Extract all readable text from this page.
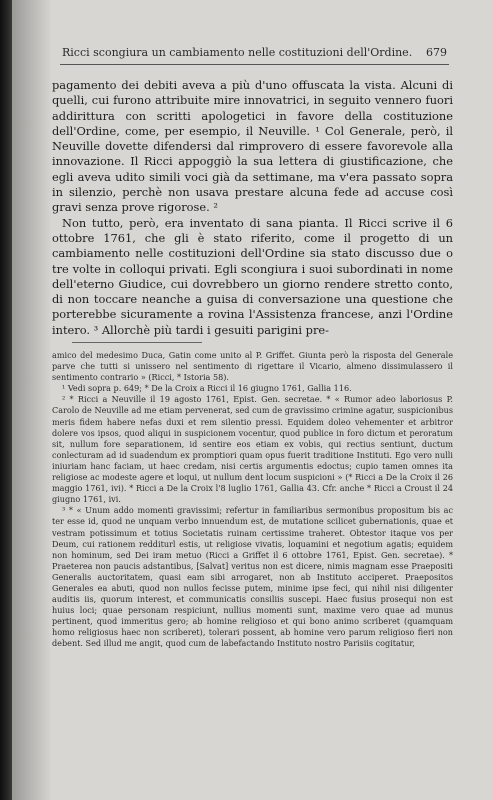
Ricci scongiura un cambiamento nelle costituzioni dell'Ordine. 679

pagamento dei debiti aveva a più d'uno offuscata la vista. Alcuni di quelli, cui furono attribuite mire innovatrici, in seguito vennero fuori addirittura con scritti apologetici in favore della costituzione dell'Ordine, come, per esempio, il Neuville. ¹ Col Generale, però, il Neuville dovette difendersi dal rimprovero di essere favorevole alla innovazione. Il Ricci appoggiò la sua lettera di giustificazione, che egli aveva udito simili voci già da settimane, ma v'era passato sopra in silenzio, perchè non usava prestare alcuna fede ad accuse così gravi senza prove rigorose. ²

Non tutto, però, era inventato di sana pianta. Il Ricci scrive il 6 ottobre 1761, che gli è stato riferito, come il progetto di un cambiamento nelle costituzioni dell'Ordine sia stato discusso due o tre volte in colloqui privati. Egli scongiura i suoi subordinati in nome dell'eterno Giudice, cui dovrebbero un giorno rendere stretto conto, di non toccare neanche a guisa di conversazione una questione che porterebbe sicuramente a rovina l'Assistenza francese, anzi l'Ordine intero. ³ Allorchè più tardi i gesuiti parigini pre-

amico del medesimo Duca, Gatin come unito al P. Griffet. Giunta però la risposta del Generale parve che tutti si unissero nel sentimento di rigettare il Vicario, almeno dissimulassero il sentimento contrario » (Ricci, * Istoria 58).

¹ Vedi sopra p. 649; * De la Croix a Ricci il 16 giugno 1761, Gallia 116.

² * Ricci a Neuville il 19 agosto 1761, Epist. Gen. secretae. * « Rumor adeo laboriosus P. Carolo de Neuville ad me etiam pervenerat, sed cum de gravissimo crimine agatur, suspicionibus meris fidem habere nefas duxi et rem silentio pressi. Equidem doleo vehementer et arbitror dolere vos ipsos, quod aliqui in suspicionem vocentur, quod publice in foro dictum et peroratum sit, nullum fore separationem, id sentire eos etiam ex vobis, qui rectius sentiunt, ductum conlecturam ad id suadendum ex promptiori quam opus fuerit traditione Instituti. Ego vero nulli iniuriam hanc faciam, ut haec credam, nisi certis argumentis edoctus; cupio tamen omnes ita religiose ac modeste agere et loqui, ut nullum dent locum suspicioni » (* Ricci a De la Croix il 26 maggio 1761, ivi). * Ricci a De la Croix l'8 luglio 1761, Gallia 43. Cfr. anche * Ricci a Croust il 24 giugno 1761, ivi.

³ * « Unum addo momenti gravissimi; refertur in familiaribus sermonibus propositum bis ac ter esse id, quod ne unquam verbo innuendum est, de mutatione scilicet gubernationis, quae et vestram potissimum et totius Societatis ruinam certissime traheret. Obtestor itaque vos per Deum, cui rationem redditurl estis, ut religiose vivatis, loquamini et negotium agatis; equidem non hominum, sed Dei iram metuo (Ricci a Griffet il 6 ottobre 1761, Epist. Gen. secretae). * Praeterea non paucis adstantibus, [Salvat] veritus non est dicere, nimis magnam esse Praepositi Generalis auctoritatem, quasi eam sibi arrogaret, non ab Instituto acciperet. Praepositos Generales ea abuti, quod non nullos fecisse putem, minime ipse feci, qui nihil nisi diligenter auditis iis, quorum interest, et communicatis consiliis suscepi. Haec fusius prosequi non est huius loci; quae personam respiciunt, nullius momenti sunt, maxime vero quae ad munus pertinent, quod immeritus gero; ab homine religioso et qui bono animo scriberet (quamquam homo religiosus haec non scriberet), tolerari possent, ab homine vero parum religioso fieri non debent. Sed illud me angit, quod cum de labefactando Instituto nostro Parisiis cogitatur,
